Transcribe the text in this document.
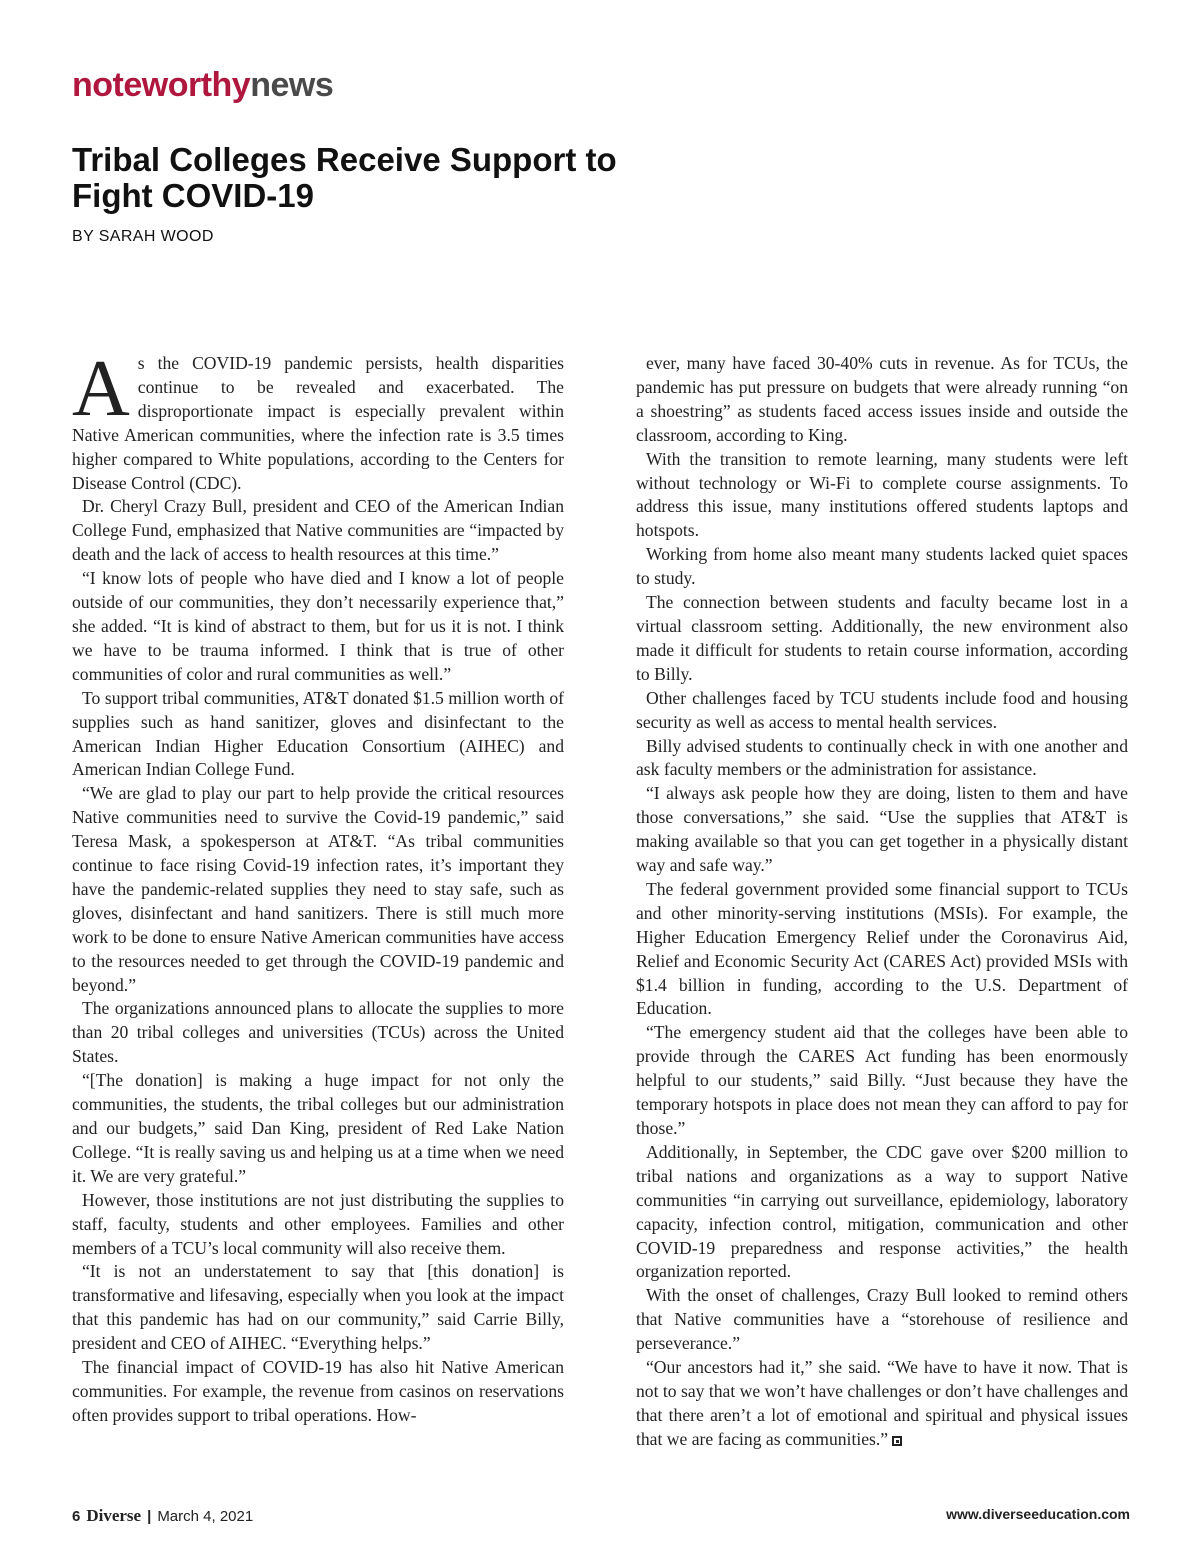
noteworthynews
Tribal Colleges Receive Support to Fight COVID-19
BY SARAH WOOD

As the COVID-19 pandemic persists, health disparities continue to be revealed and exacerbated. The disproportionate impact is especially prevalent within Native American communities, where the infection rate is 3.5 times higher compared to White populations, according to the Centers for Disease Control (CDC).

Dr. Cheryl Crazy Bull, president and CEO of the American Indian College Fund, emphasized that Native communities are “impacted by death and the lack of access to health resources at this time.”

“I know lots of people who have died and I know a lot of people outside of our communities, they don’t necessarily experience that,” she added. “It is kind of abstract to them, but for us it is not. I think we have to be trauma informed. I think that is true of other communities of color and rural communities as well.”

To support tribal communities, AT&T donated $1.5 million worth of supplies such as hand sanitizer, gloves and disinfectant to the American Indian Higher Education Consortium (AIHEC) and American Indian College Fund.

“We are glad to play our part to help provide the critical resources Native communities need to survive the Covid-19 pandemic,” said Teresa Mask, a spokesperson at AT&T. “As tribal communities continue to face rising Covid-19 infection rates, it’s important they have the pandemic-related supplies they need to stay safe, such as gloves, disinfectant and hand sanitizers. There is still much more work to be done to ensure Native American communities have access to the resources needed to get through the COVID-19 pandemic and beyond.”

The organizations announced plans to allocate the supplies to more than 20 tribal colleges and universities (TCUs) across the United States.

“[The donation] is making a huge impact for not only the communities, the students, the tribal colleges but our administration and our budgets,” said Dan King, president of Red Lake Nation College. “It is really saving us and helping us at a time when we need it. We are very grateful.”

However, those institutions are not just distributing the supplies to staff, faculty, students and other employees. Families and other members of a TCU’s local community will also receive them.

“It is not an understatement to say that [this donation] is transformative and lifesaving, especially when you look at the impact that this pandemic has had on our community,” said Carrie Billy, president and CEO of AIHEC. “Everything helps.”

The financial impact of COVID-19 has also hit Native American communities. For example, the revenue from casinos on reservations often provides support to tribal operations. How-

ever, many have faced 30-40% cuts in revenue. As for TCUs, the pandemic has put pressure on budgets that were already running “on a shoestring” as students faced access issues inside and outside the classroom, according to King.

With the transition to remote learning, many students were left without technology or Wi-Fi to complete course assignments. To address this issue, many institutions offered students laptops and hotspots.

Working from home also meant many students lacked quiet spaces to study.

The connection between students and faculty became lost in a virtual classroom setting. Additionally, the new environment also made it difficult for students to retain course information, according to Billy.

Other challenges faced by TCU students include food and housing security as well as access to mental health services.

Billy advised students to continually check in with one another and ask faculty members or the administration for assistance.

“I always ask people how they are doing, listen to them and have those conversations,” she said. “Use the supplies that AT&T is making available so that you can get together in a physically distant way and safe way.”

The federal government provided some financial support to TCUs and other minority-serving institutions (MSIs). For example, the Higher Education Emergency Relief under the Coronavirus Aid, Relief and Economic Security Act (CARES Act) provided MSIs with $1.4 billion in funding, according to the U.S. Department of Education.

“The emergency student aid that the colleges have been able to provide through the CARES Act funding has been enormously helpful to our students,” said Billy. “Just because they have the temporary hotspots in place does not mean they can afford to pay for those.”

Additionally, in September, the CDC gave over $200 million to tribal nations and organizations as a way to support Native communities “in carrying out surveillance, epidemiology, laboratory capacity, infection control, mitigation, communication and other COVID-19 preparedness and response activities,” the health organization reported.

With the onset of challenges, Crazy Bull looked to remind others that Native communities have a “storehouse of resilience and perseverance.”

“Our ancestors had it,” she said. “We have to have it now. That is not to say that we won’t have challenges or don’t have challenges and that there aren’t a lot of emotional and spiritual and physical issues that we are facing as communities.”

6 Diverse | March 4, 2021	www.diverseeducation.com
